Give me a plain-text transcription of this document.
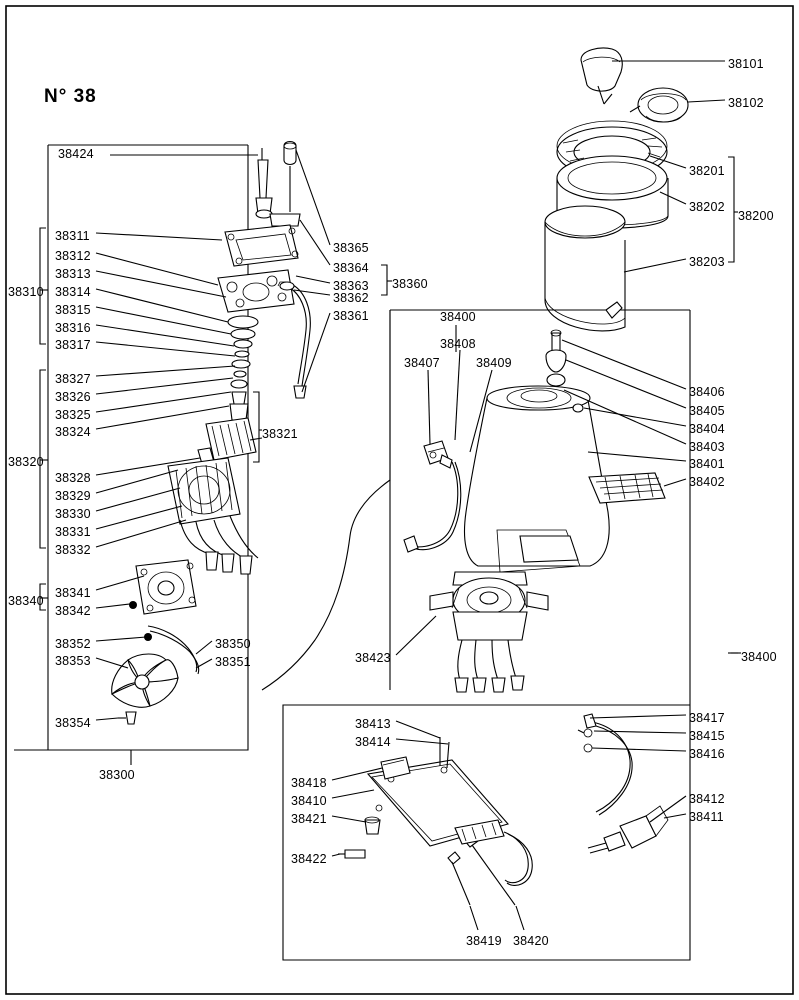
N° 38
38424
38311
38312
38313
38314
38315
38316
38317
38310
38327
38326
38325
38324	38321
38320
38328
38329
38330
38331
38332
38341
38342
38340
38352
38353
38350
38351
38354
38300
38365
38364
38363
38362
38361
38360
38101
38102
38201
38202
38203
38200
38400
38408
38407	38409
38406
38405
38404
38403
38401
38402
38400
38423
38413
38414
38418
38410
38421
38422
38417
38415
38416
38412
38411
38419 38420
